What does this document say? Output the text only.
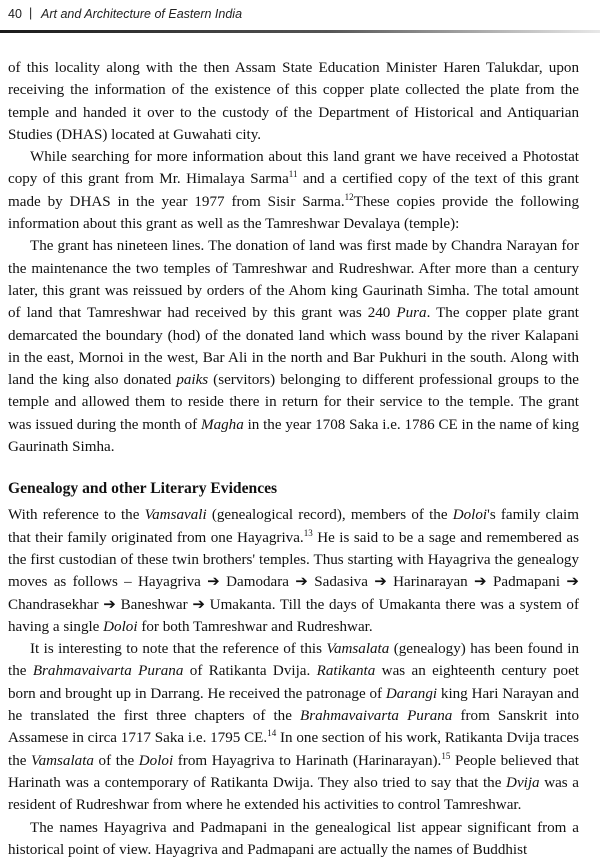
40 | Art and Architecture of Eastern India

of this locality along with the then Assam State Education Minister Haren Talukdar, upon receiving the information of the existence of this copper plate collected the plate from the temple and handed it over to the custody of the Department of Historical and Antiquarian Studies (DHAS) located at Guwahati city.

While searching for more information about this land grant we have received a Photostat copy of this grant from Mr. Himalaya Sarma$^{11}$ and a certified copy of the text of this grant made by DHAS in the year 1977 from Sisir Sarma.$^{12}$These copies provide the following information about this grant as well as the Tamreshwar Devalaya (temple):

The grant has nineteen lines. The donation of land was first made by Chandra Narayan for the maintenance the two temples of Tamreshwar and Rudreshwar. After more than a century later, this grant was reissued by orders of the Ahom king Gaurinath Simha. The total amount of land that Tamreshwar had received by this grant was 240 Pura. The copper plate grant demarcated the boundary (hod) of the donated land which wass bound by the river Kalapani in the east, Mornoi in the west, Bar Ali in the north and Bar Pukhuri in the south. Along with land the king also donated paiks (servitors) belonging to different professional groups to the temple and allowed them to reside there in return for their service to the temple. The grant was issued during the month of Magha in the year 1708 Saka i.e. 1786 CE in the name of king Gaurinath Simha.

Genealogy and other Literary Evidences

With reference to the Vamsavali (genealogical record), members of the Doloi's family claim that their family originated from one Hayagriva.$^{13}$ He is said to be a sage and remembered as the first custodian of these twin brothers' temples. Thus starting with Hayagriva the genealogy moves as follows – Hayagriva ➔ Damodara ➔ Sadasiva ➔ Harinarayan ➔ Padmapani ➔ Chandrasekhar ➔ Baneshwar ➔ Umakanta. Till the days of Umakanta there was a system of having a single Doloi for both Tamreshwar and Rudreshwar.

It is interesting to note that the reference of this Vamsalata (genealogy) has been found in the Brahmavaivarta Purana of Ratikanta Dvija. Ratikanta was an eighteenth century poet born and brought up in Darrang. He received the patronage of Darangi king Hari Narayan and he translated the first three chapters of the Brahmavaivarta Purana from Sanskrit into Assamese in circa 1717 Saka i.e. 1795 CE.$^{14}$ In one section of his work, Ratikanta Dvija traces the Vamsalata of the Doloi from Hayagriva to Harinath (Harinarayan).$^{15}$ People believed that Harinath was a contemporary of Ratikanta Dwija. They also tried to say that the Dvija was a resident of Rudreshwar from where he extended his activities to control Tamreshwar.

The names Hayagriva and Padmapani in the genealogical list appear significant from a historical point of view. Hayagriva and Padmapani are actually the names of Buddhist
